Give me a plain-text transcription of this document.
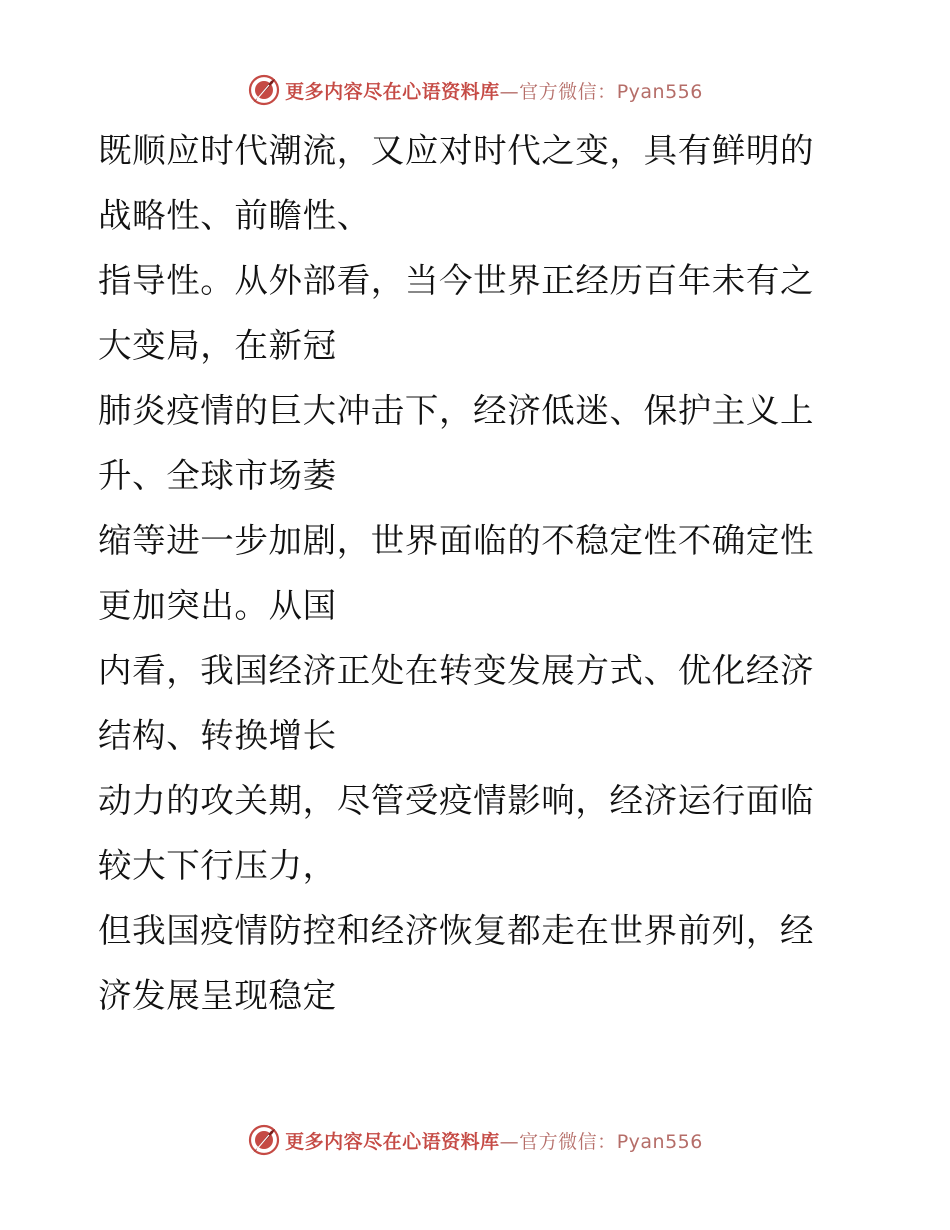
更多内容尽在心语资料库—官方微信：Pyan556

既顺应时代潮流，又应对时代之变，具有鲜明的
战略性、前瞻性、

指导性。从外部看，当今世界正经历百年未有之
大变局，在新冠

肺炎疫情的巨大冲击下，经济低迷、保护主义上
升、全球市场萎

缩等进一步加剧，世界面临的不稳定性不确定性
更加突出。从国

内看，我国经济正处在转变发展方式、优化经济
结构、转换增长

动力的攻关期，尽管受疫情影响，经济运行面临
较大下行压力，

但我国疫情防控和经济恢复都走在世界前列，经
济发展呈现稳定

更多内容尽在心语资料库—官方微信：Pyan556
